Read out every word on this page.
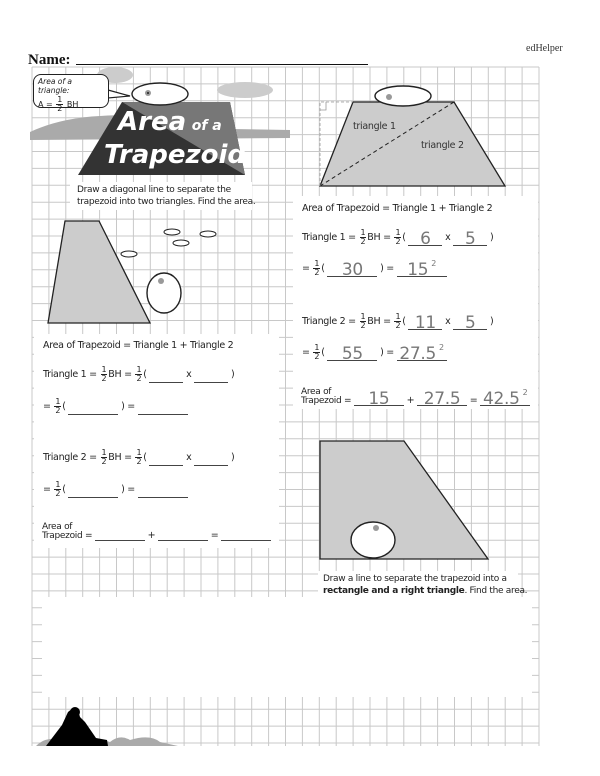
edHelper
Name:
Area of a triangle:
$A = \frac{1}{2}$ BH
Area of a
Trapezoid
triangle 1
triangle 2
Draw a diagonal line to separate the
trapezoid into two triangles. Find the area.
Area of Trapezoid = Triangle 1 + Triangle 2
Triangle $1 = \frac{1}{2}$ BH = $\frac{1}{2}$ ( 6 x 5 )
= $\frac{1}{2}$ ( 30 ) = 15 $^2$
Triangle $2 = \frac{1}{2}$ BH = $\frac{1}{2}$ ( 11 x 5 )
= $\frac{1}{2}$ ( 55 ) = 27.5 $^2$
Area of
Trapezoid = 15 + 27.5 = 42.5 $^2$
Area of Trapezoid = Triangle 1 + Triangle 2
Triangle $1 = \frac{1}{2}$ BH = $\frac{1}{2}$ (	x	)
= $\frac{1}{2}$ (	) =
Triangle $2 = \frac{1}{2}$ BH = $\frac{1}{2}$ (	x	)
= $\frac{1}{2}$ (	) =
Area of
Trapezoid =	+	=
Draw a line to separate the trapezoid into a
rectangle and a right triangle. Find the area.
